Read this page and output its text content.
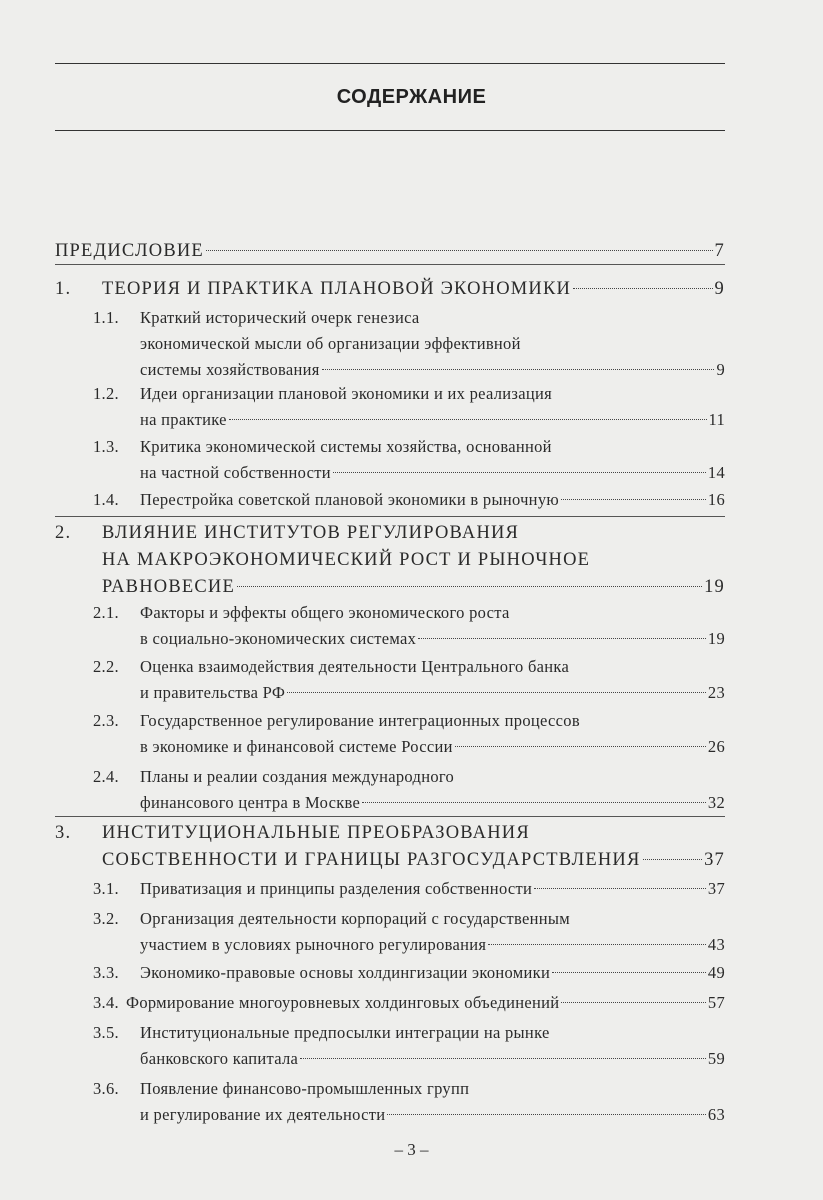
СОДЕРЖАНИЕ
ПРЕДИСЛОВИЕ	7
1.	ТЕОРИЯ И ПРАКТИКА ПЛАНОВОЙ ЭКОНОМИКИ	9
1.1.	Краткий исторический очерк генезиса
экономической мысли об организации эффективной
системы хозяйствования	9
1.2.	Идеи организации плановой экономики и их реализация
на практике	11
1.3.	Критика экономической системы хозяйства, основанной
на частной собственности	14
1.4.	Перестройка советской плановой экономики в рыночную	16
2.	ВЛИЯНИЕ ИНСТИТУТОВ РЕГУЛИРОВАНИЯ
НА МАКРОЭКОНОМИЧЕСКИЙ РОСТ И РЫНОЧНОЕ
РАВНОВЕСИЕ	19
2.1.	Факторы и эффекты общего экономического роста
в социально-экономических системах	19
2.2.	Оценка взаимодействия деятельности Центрального банка
и правительства РФ	23
2.3.	Государственное регулирование интеграционных процессов
в экономике и финансовой системе России	26
2.4.	Планы и реалии создания международного
финансового центра в Москве	32
3.	ИНСТИТУЦИОНАЛЬНЫЕ ПРЕОБРАЗОВАНИЯ
СОБСТВЕННОСТИ И ГРАНИЦЫ РАЗГОСУДАРСТВЛЕНИЯ	37
3.1.	Приватизация и принципы разделения собственности	37
3.2.	Организация деятельности корпораций с государственным
участием в условиях рыночного регулирования	43
3.3.	Экономико-правовые основы холдингизации экономики	49
3.4. Формирование многоуровневых холдинговых объединений	57
3.5.	Институциональные предпосылки интеграции на рынке
банковского капитала	59
3.6.	Появление финансово-промышленных групп
и регулирование их деятельности	63
– 3 –
